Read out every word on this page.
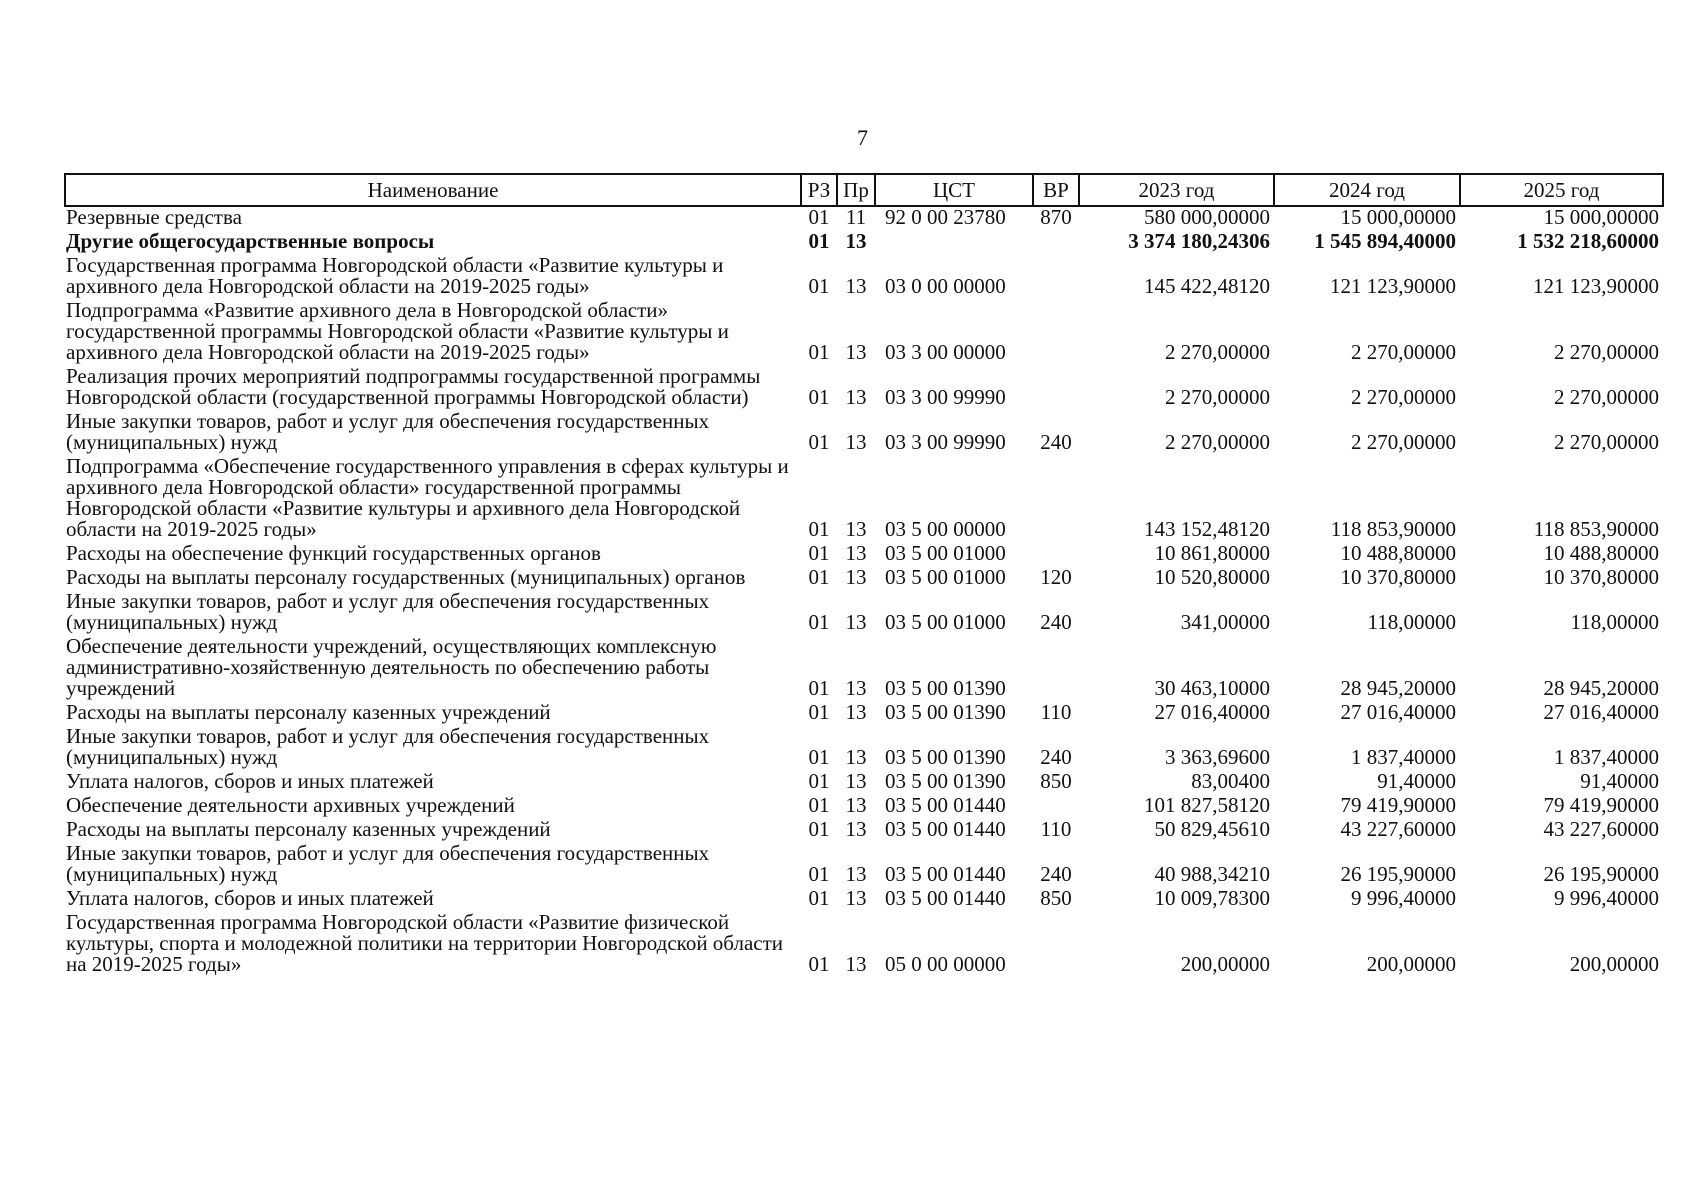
7
Наименование	РЗ	Пр	ЦСТ	ВР	2023 год	2024 год	2025 год
Резервные средства	01	11	92 0 00 23780	870	580 000,00000	15 000,00000	15 000,00000
Другие общегосударственные вопросы	01	13			3 374 180,24306	1 545 894,40000	1 532 218,60000
Государственная программа Новгородской области «Развитие культуры и архивного дела Новгородской области на 2019-2025 годы»	01	13	03 0 00 00000		145 422,48120	121 123,90000	121 123,90000
Подпрограмма «Развитие архивного дела в Новгородской области» государственной программы Новгородской области «Развитие культуры и архивного дела Новгородской области на 2019-2025 годы»	01	13	03 3 00 00000		2 270,00000	2 270,00000	2 270,00000
Реализация прочих мероприятий подпрограммы государственной программы Новгородской области (государственной программы Новгородской области)	01	13	03 3 00 99990		2 270,00000	2 270,00000	2 270,00000
Иные закупки товаров, работ и услуг для обеспечения государственных (муниципальных) нужд	01	13	03 3 00 99990	240	2 270,00000	2 270,00000	2 270,00000
Подпрограмма «Обеспечение государственного управления в сферах культуры и архивного дела Новгородской области» государственной программы Новгородской области «Развитие культуры и архивного дела Новгородской области на 2019-2025 годы»	01	13	03 5 00 00000		143 152,48120	118 853,90000	118 853,90000
Расходы на обеспечение функций государственных органов	01	13	03 5 00 01000		10 861,80000	10 488,80000	10 488,80000
Расходы на выплаты персоналу государственных (муниципальных) органов	01	13	03 5 00 01000	120	10 520,80000	10 370,80000	10 370,80000
Иные закупки товаров, работ и услуг для обеспечения государственных (муниципальных) нужд	01	13	03 5 00 01000	240	341,00000	118,00000	118,00000
Обеспечение деятельности учреждений, осуществляющих комплексную административно-хозяйственную деятельность по обеспечению работы учреждений	01	13	03 5 00 01390		30 463,10000	28 945,20000	28 945,20000
Расходы на выплаты персоналу казенных учреждений	01	13	03 5 00 01390	110	27 016,40000	27 016,40000	27 016,40000
Иные закупки товаров, работ и услуг для обеспечения государственных (муниципальных) нужд	01	13	03 5 00 01390	240	3 363,69600	1 837,40000	1 837,40000
Уплата налогов, сборов и иных платежей	01	13	03 5 00 01390	850	83,00400	91,40000	91,40000
Обеспечение деятельности архивных учреждений	01	13	03 5 00 01440		101 827,58120	79 419,90000	79 419,90000
Расходы на выплаты персоналу казенных учреждений	01	13	03 5 00 01440	110	50 829,45610	43 227,60000	43 227,60000
Иные закупки товаров, работ и услуг для обеспечения государственных (муниципальных) нужд	01	13	03 5 00 01440	240	40 988,34210	26 195,90000	26 195,90000
Уплата налогов, сборов и иных платежей	01	13	03 5 00 01440	850	10 009,78300	9 996,40000	9 996,40000
Государственная программа Новгородской области «Развитие физической культуры, спорта и молодежной политики на территории Новгородской области на 2019-2025 годы»	01	13	05 0 00 00000		200,00000	200,00000	200,00000
